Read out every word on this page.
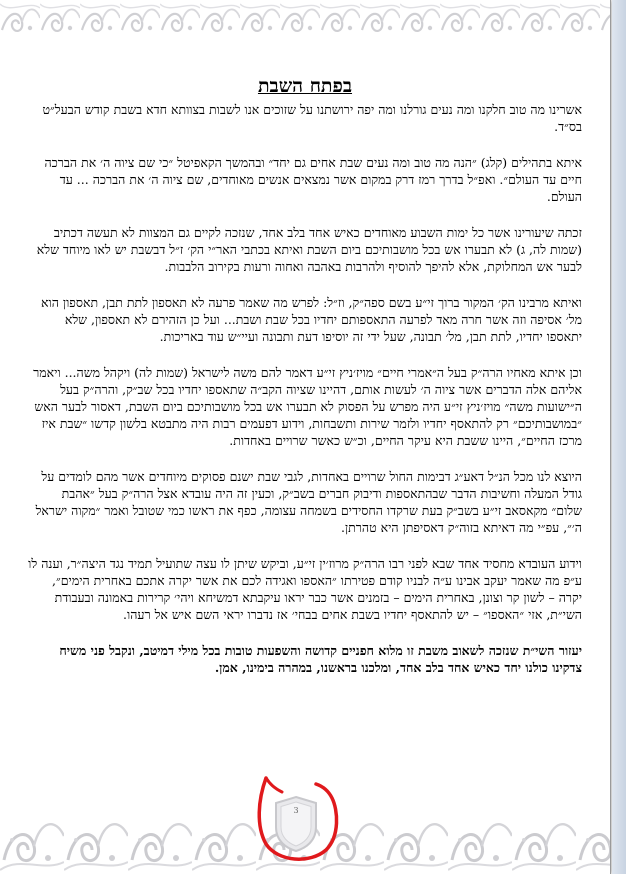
בפתח השבת

אשרינו מה טוב חלקנו ומה נעים גורלנו ומה יפה ירושתנו על שזוכים אנו לשבות בצוותא חדא בשבת קודש הבעל״ט בס״ד.

איתא בתהילים (קלג) ״הנה מה טוב ומה נעים שבת אחים גם יחד״ ובהמשך הקאפיטל ״כי שם ציוה ה׳ את הברכה חיים עד העולם״. ואפ״ל בדרך רמז דרק במקום אשר נמצאים אנשים מאוחדים, שם ציוה ה׳ את הברכה ... עד העולם.

זכתה שיעורינו אשר כל ימות השבוע מאוחדים כאיש אחד בלב אחד, שנזכה לקיים גם המצוות לא תעשה דכתיב (שמות לה, ג) לא תבערו אש בכל מושבותיכם ביום השבת ואיתא בכתבי האר״י הק׳ ז״ל דבשבת יש לאו מיוחד שלא לבער אש המחלוקת, אלא להיפך להוסיף ולהרבות באהבה ואחוה ורעות בקירוב הלבבות.

ואיתא מרבינו הק׳ המקור ברוך זי״ע בשם ספה״ק, וז״ל: לפרש מה שאמר פרעה לא תאספון לתת תבן, תאספון הוא מל׳ אסיפה וזה אשר חרה מאד לפרעה התאספותם יחדיו בכל שבת ושבת... ועל כן הזהירם לא תאספון, שלא יתאספו יחדיו, לתת תבן, מל׳ תבונה, שעל ידי זה יוסיפו דעת ותבונה ועיי״ש עוד באריכות.

וכן איתא מאחיו הרה״ק בעל ה״אמרי חיים״ מויז׳ניץ זי״ע דאמר להם משה לישראל (שמות לה) ויקהל משה... ויאמר אליהם אלה הדברים אשר ציוה ה׳ לעשות אותם, דהיינו שציוה הקב״ה שתאספו יחדיו בכל שב״ק, והרה״ק בעל ה״ישועות משה״ מויז׳ניץ זי״ע היה מפרש על הפסוק לא תבערו אש בכל מושבותיכם ביום השבת, דאסור לבער האש ״במושבותיכם״ רק להתאסף יחדיו ולזמר שירות ותשבחות, וידוע דפעמים רבות היה מתבטא בלשון קדשו ״שבת איז מרכז החיים״, היינו ששבת היא עיקר החיים, וכ״ש כאשר שרויים באחדות.

היוצא לנו מכל הנ״ל דאע״ג דבימות החול שרויים באחדות, לגבי שבת ישנם פסוקים מיוחדים אשר מהם לומדים על גודל המעלה וחשיבות הדבר שבהתאספות ודיבוק חברים בשב״ק, וכעין זה היה עובדא אצל הרה״ק בעל ״אהבת שלום״ מקאסאב זי״ע בשב״ק בעת שרקדו החסידים בשמחה עצומה, כפף את ראשו כמי שטובל ואמר ״מקוה ישראל ה׳״, עפ״י מה דאיתא בזוה״ק דאסיפתן היא טהרתן.

וידוע העובדא מחסיד אחד שבא לפני רבו הרה״ק מרוז׳ין זי״ע, וביקש שיתן לו עצה שתועיל תמיד נגד היצה״ר, וענה לו ע״פ מה שאמר יעקב אבינו ע״ה לבניו קודם פטירתו ״האספו ואגידה לכם את אשר יקרה אתכם באחרית הימים״, יקרה – לשון קר וצונן, באחרית הימים – בזמנים אשר כבר יראו עיקבתא דמשיחא ויהי׳ קרירות באמונה ובעבודת השי״ת, אזי ״האספו״ – יש להתאסף יחדיו בשבת אחים בבחי׳ אז נדברו יראי השם איש אל רעהו.

יעזור השי״ת שנזכה לשאוב משבת זו מלוא חפניים קדושה והשפעות טובות בכל מילי דמיטב, ונקבל פני משיח צדקינו כולנו יחד כאיש אחד בלב אחד, ומלכנו בראשנו, במהרה בימינו, אמן.

3
